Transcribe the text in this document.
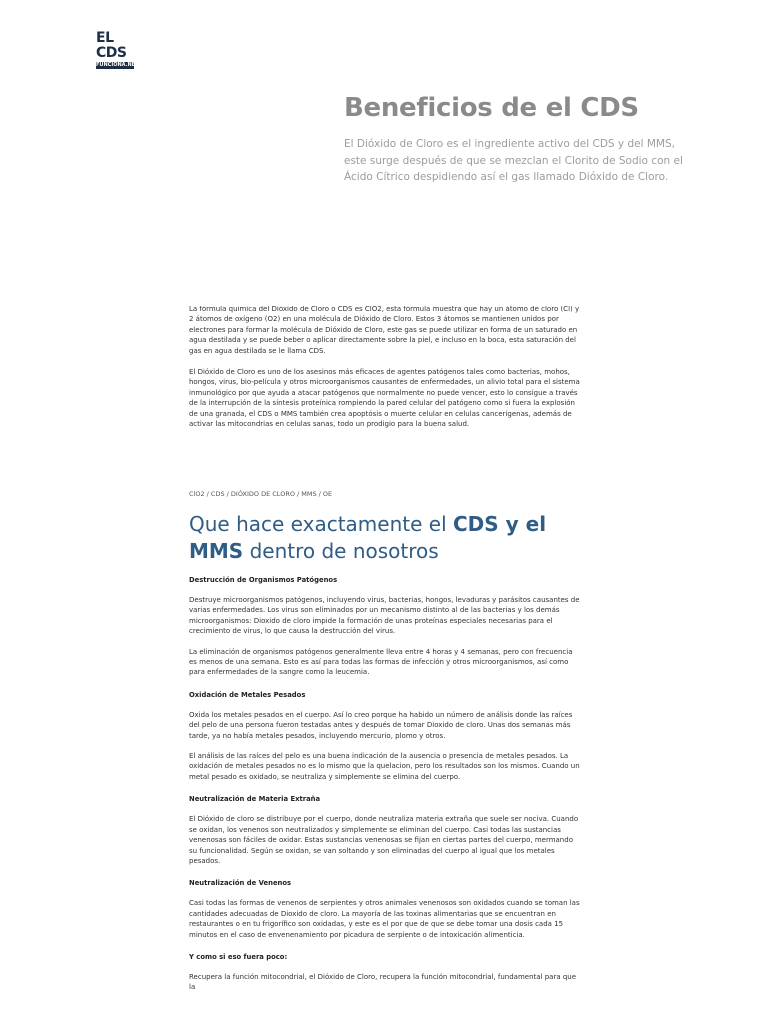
EL CDS
FUNCIONA.NET
Beneficios de el CDS

El Dióxido de Cloro es el ingrediente activo del CDS y del MMS, este surge después de que se mezclan el Clorito de Sodio con el Ácido Cítrico despidiendo así el gas llamado Dióxido de Cloro.

La fórmula química del Dióxido de Cloro o CDS es ClO2, esta fórmula muestra que hay un átomo de cloro (Cl) y 2 átomos de oxígeno (O2) en una molécula de Dióxido de Cloro. Estos 3 átomos se mantienen unidos por electrones para formar la molécula de Dióxido de Cloro, este gas se puede utilizar en forma de un saturado en agua destilada y se puede beber o aplicar directamente sobre la piel, e incluso en la boca, esta saturación del gas en agua destilada se le llama CDS.

El Dióxido de Cloro es uno de los asesinos más eficaces de agentes patógenos tales como bacterias, mohos, hongos, virus, bio-película y otros microorganismos causantes de enfermedades, un alivio total para el sistema inmunológico por que ayuda a atacar patógenos que normalmente no puede vencer, esto lo consigue a través de la interrupción de la síntesis proteínica rompiendo la pared celular del patógeno como si fuera la explosión de una granada, el CDS o MMS también crea apoptósis o muerte celular en celulas cancerígenas, además de activar las mitocondrias en celulas sanas, todo un prodigio para la buena salud.

ClO2 / CDS / DIÓXIDO DE CLORO / MMS / OE
Que hace exactamente el CDS y el
MMS dentro de nosotros
Destrucción de Organismos Patógenos

Destruye microorganismos patógenos, incluyendo virus, bacterias, hongos, levaduras y parásitos causantes de varias enfermedades. Los virus son eliminados por un mecanismo distinto al de las bacterias y los demás microorganismos: Dioxido de cloro impide la formación de unas proteínas especiales necesarias para el crecimiento de virus, lo que causa la destrucción del virus.

La eliminación de organismos patógenos generalmente lleva entre 4 horas y 4 semanas, pero con frecuencia es menos de una semana. Esto es así para todas las formas de infección y otros microorganismos, así como para enfermedades de la sangre como la leucemia.

Oxidación de Metales Pesados

Oxida los metales pesados en el cuerpo. Así lo creo porque ha habido un número de análisis donde las raíces del pelo de una persona fueron testadas antes y después de tomar Dioxido de cloro. Unas dos semanas más tarde, ya no había metales pesados, incluyendo mercurio, plomo y otros.

El análisis de las raíces del pelo es una buena indicación de la ausencia o presencia de metales pesados. La oxidación de metales pesados no es lo mismo que la quelacion, pero los resultados son los mismos. Cuando un metal pesado es oxidado, se neutraliza y simplemente se elimina del cuerpo.

Neutralización de Materia Extraña

El Dióxido de cloro se distribuye por el cuerpo, donde neutraliza materia extraña que suele ser nociva. Cuando se oxidan, los venenos son neutralizados y simplemente se eliminan del cuerpo. Casi todas las sustancias venenosas son fáciles de oxidar. Estas sustancias venenosas se fijan en ciertas partes del cuerpo, mermando su funcionalidad. Según se oxidan, se van soltando y son eliminadas del cuerpo al igual que los metales pesados.

Neutralización de Venenos

Casi todas las formas de venenos de serpientes y otros animales venenosos son oxidados cuando se toman las cantidades adecuadas de Dioxido de cloro. La mayoría de las toxinas alimentarias que se encuentran en restaurantes o en tu frigorífico son oxidadas, y este es el por que de que se debe tomar una dosis cada 15 minutos en el caso de envenenamiento por picadura de serpiente o de intoxicación alimenticia.

Y como si eso fuera poco:

Recupera la función mitocondrial, el Dióxido de Cloro, recupera la función mitocondrial, fundamental para que la
